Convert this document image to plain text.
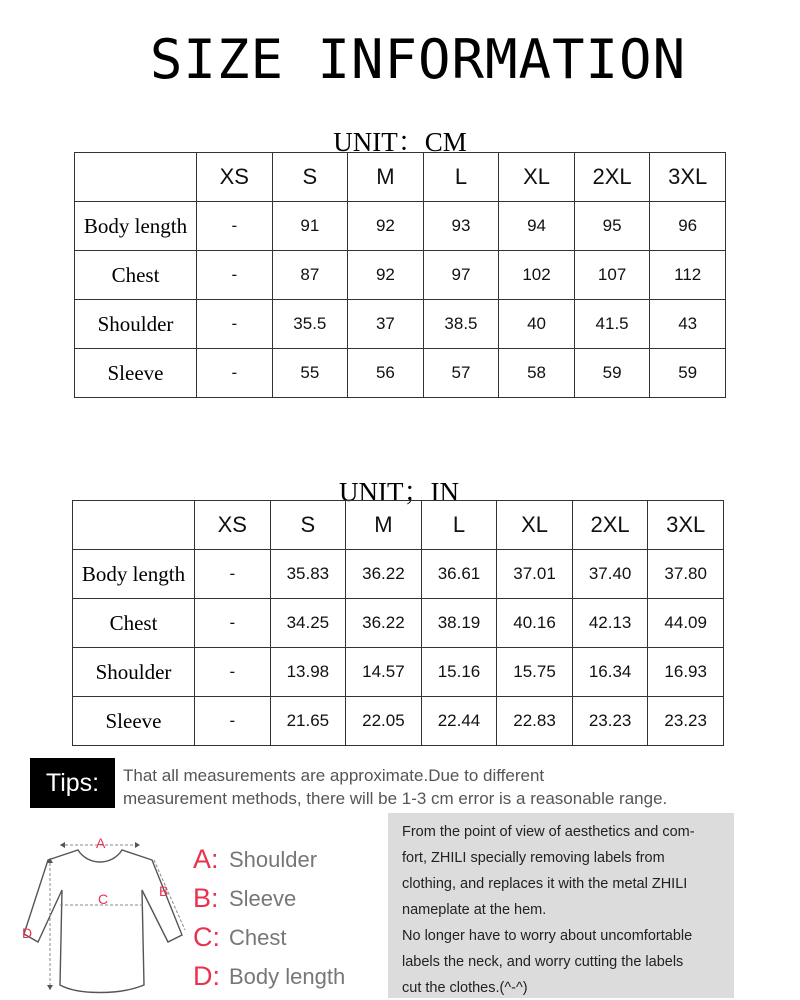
SIZE INFORMATION
UNIT：CM
	XS	S	M	L	XL	2XL	3XL
Body length	-	91	92	93	94	95	96
Chest	-	87	92	97	102	107	112
Shoulder	-	35.5	37	38.5	40	41.5	43
Sleeve	-	55	56	57	58	59	59
UNIT；IN
	XS	S	M	L	XL	2XL	3XL
Body length	-	35.83	36.22	36.61	37.01	37.40	37.80
Chest	-	34.25	36.22	38.19	40.16	42.13	44.09
Shoulder	-	13.98	14.57	15.16	15.75	16.34	16.93
Sleeve	-	21.65	22.05	22.44	22.83	23.23	23.23
Tips:	That all measurements are approximate.Due to different
measurement methods, there will be 1-3 cm error is a reasonable range.
A
B
C
D
A: Shoulder
B: Sleeve
C: Chest
D: Body length
From the point of view of aesthetics and com-
fort, ZHILI specially removing labels from
clothing, and replaces it with the metal ZHILI
nameplate at the hem.
No longer have to worry about uncomfortable
labels the neck, and worry cutting the labels
cut the clothes.(^-^)
